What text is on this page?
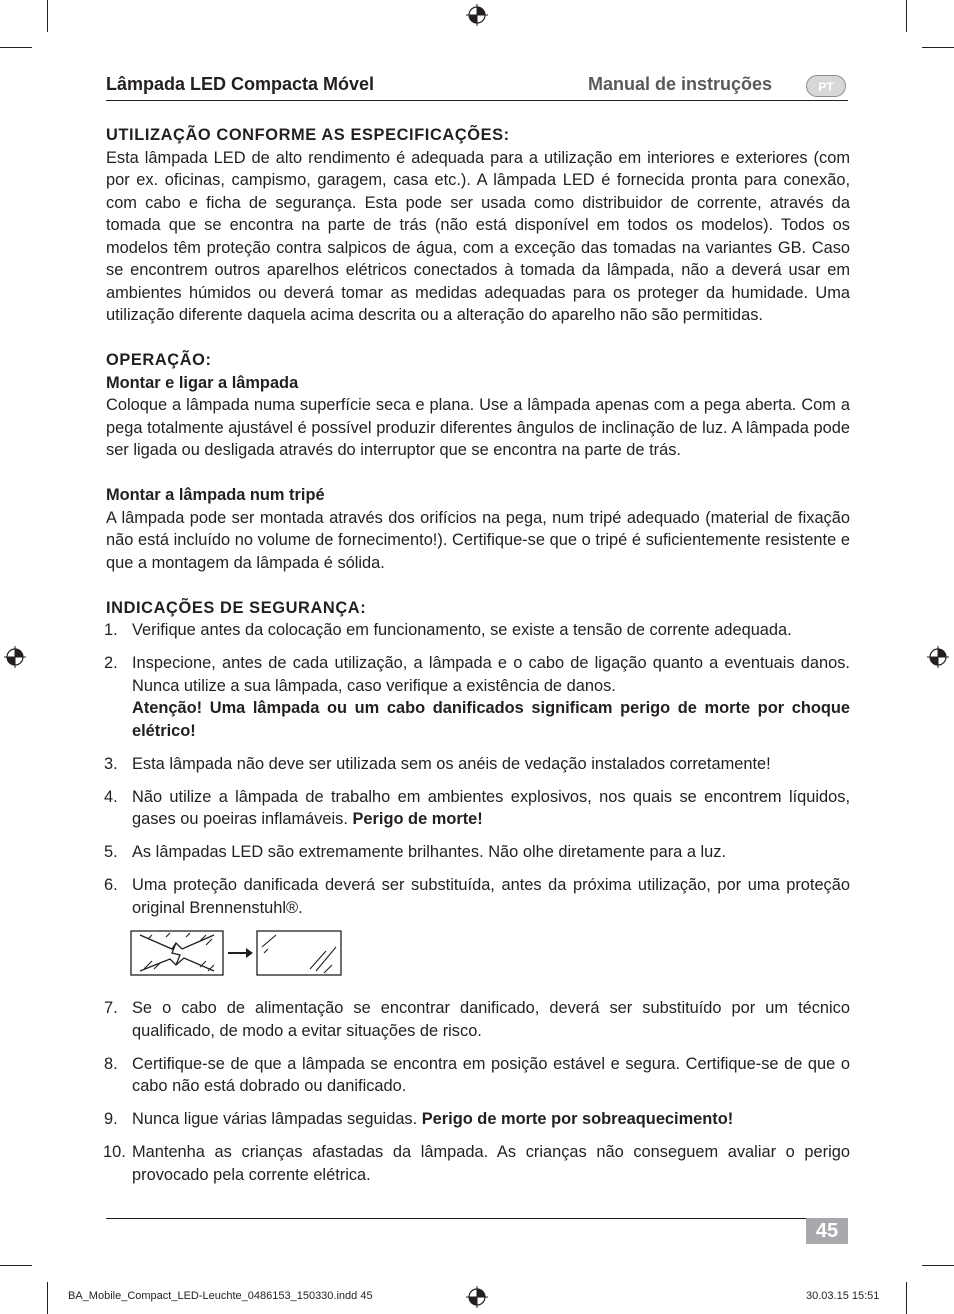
Lâmpada LED Compacta Móvel	Manual de instruções	PT

UTILIZAÇÃO CONFORME AS ESPECIFICAÇÕES:

Esta lâmpada LED de alto rendimento é adequada para a utilização em interiores e exteriores (com por ex. oficinas, campismo, garagem, casa etc.). A lâmpada LED é fornecida pronta para conexão, com cabo e ficha de segurança. Esta pode ser usada como distribuidor de corrente, através da tomada que se encontra na parte de trás (não está disponível em todos os modelos). Todos os modelos têm proteção contra salpicos de água, com a exceção das tomadas na variantes GB. Caso se encontrem outros aparelhos elétricos conectados à tomada da lâmpada, não a deverá usar em ambientes húmidos ou deverá tomar as medidas adequadas para os proteger da humidade. Uma utilização diferente daquela acima descrita ou a alteração do aparelho não são permitidas.

OPERAÇÃO:

Montar e ligar a lâmpada

Coloque a lâmpada numa superfície seca e plana. Use a lâmpada apenas com a pega aberta. Com a pega totalmente ajustável é possível produzir diferentes ângulos de inclinação de luz. A lâmpada pode ser ligada ou desligada através do interruptor que se encontra na parte de trás.

Montar a lâmpada num tripé

A lâmpada pode ser montada através dos orifícios na pega, num tripé adequado (material de fixação não está incluído no volume de fornecimento!). Certifique-se que o tripé é suficientemente resistente e que a montagem da lâmpada é sólida.

INDICAÇÕES DE SEGURANÇA:

1. Verifique antes da colocação em funcionamento, se existe a tensão de corrente adequada.
2. Inspecione, antes de cada utilização, a lâmpada e o cabo de ligação quanto a eventuais danos. Nunca utilize a sua lâmpada, caso verifique a existência de danos.
Atenção! Uma lâmpada ou um cabo danificados significam perigo de morte por choque elétrico!
3. Esta lâmpada não deve ser utilizada sem os anéis de vedação instalados corretamente!
4. Não utilize a lâmpada de trabalho em ambientes explosivos, nos quais se encontrem líquidos, gases ou poeiras inflamáveis. Perigo de morte!
5. As lâmpadas LED são extremamente brilhantes. Não olhe diretamente para a luz.
6. Uma proteção danificada deverá ser substituída, antes da próxima utilização, por uma proteção original Brennenstuhl®.
7. Se o cabo de alimentação se encontrar danificado, deverá ser substituído por um técnico qualificado, de modo a evitar situações de risco.
8. Certifique-se de que a lâmpada se encontra em posição estável e segura. Certifique-se de que o cabo não está dobrado ou danificado.
9. Nunca ligue várias lâmpadas seguidas. Perigo de morte por sobreaquecimento!
10. Mantenha as crianças afastadas da lâmpada. As crianças não conseguem avaliar o perigo provocado pela corrente elétrica.
45
BA_Mobile_Compact_LED-Leuchte_0486153_150330.indd 45	30.03.15 15:51
